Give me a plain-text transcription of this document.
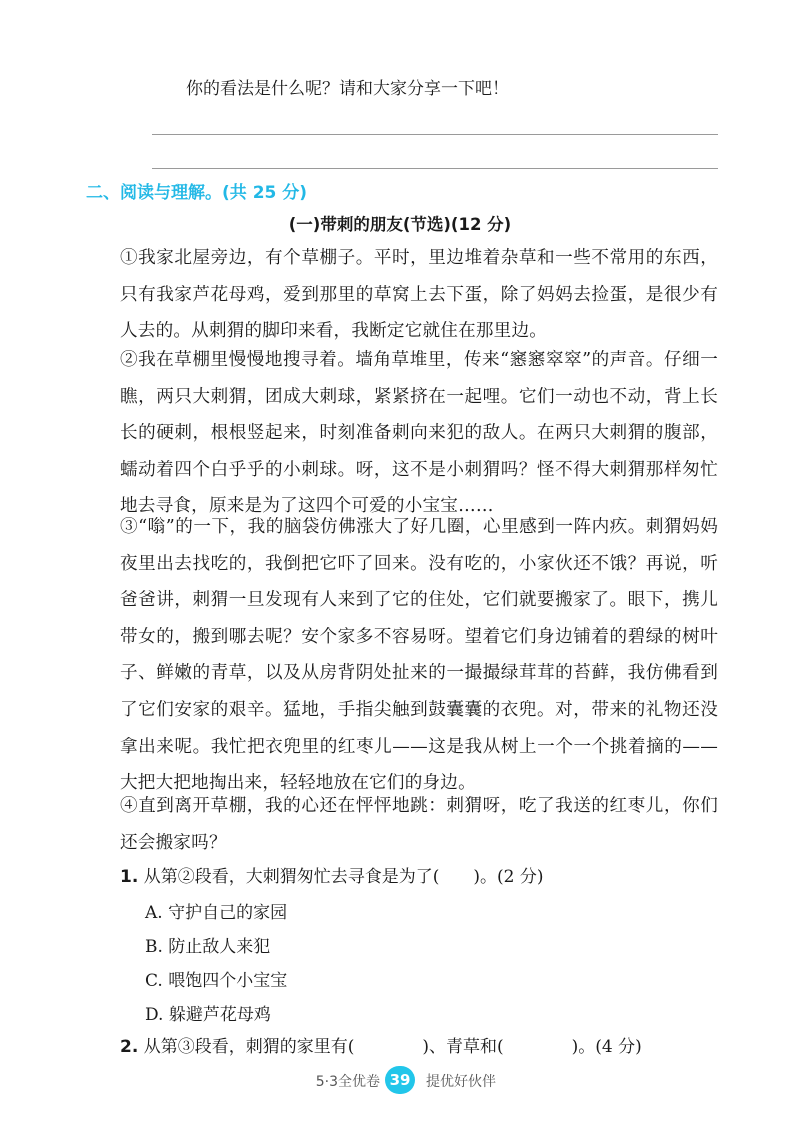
你的看法是什么呢？请和大家分享一下吧！
二、阅读与理解。(共 25 分)
(一)带刺的朋友(节选)(12 分)
①我家北屋旁边，有个草棚子。平时，里边堆着杂草和一些不常用的东西，只有我家芦花母鸡，爱到那里的草窝上去下蛋，除了妈妈去捡蛋，是很少有人去的。从刺猬的脚印来看，我断定它就住在那里边。
②我在草棚里慢慢地搜寻着。墙角草堆里，传来“窸窸窣窣”的声音。仔细一瞧，两只大刺猬，团成大刺球，紧紧挤在一起哩。它们一动也不动，背上长长的硬刺，根根竖起来，时刻准备刺向来犯的敌人。在两只大刺猬的腹部，蠕动着四个白乎乎的小刺球。呀，这不是小刺猬吗？怪不得大刺猬那样匆忙地去寻食，原来是为了这四个可爱的小宝宝……
③“嗡”的一下，我的脑袋仿佛涨大了好几圈，心里感到一阵内疚。刺猬妈妈夜里出去找吃的，我倒把它吓了回来。没有吃的，小家伙还不饿？再说，听爸爸讲，刺猬一旦发现有人来到了它的住处，它们就要搬家了。眼下，携儿带女的，搬到哪去呢？安个家多不容易呀。望着它们身边铺着的碧绿的树叶子、鲜嫩的青草，以及从房背阴处扯来的一撮撮绿茸茸的苔藓，我仿佛看到了它们安家的艰辛。猛地，手指尖触到鼓囊囊的衣兜。对，带来的礼物还没拿出来呢。我忙把衣兜里的红枣儿——这是我从树上一个一个挑着摘的——大把大把地掏出来，轻轻地放在它们的身边。
④直到离开草棚，我的心还在怦怦地跳：刺猬呀，吃了我送的红枣儿，你们还会搬家吗？
1. 从第②段看，大刺猬匆忙去寻食是为了(　　)。(2 分)
A. 守护自己的家园
B. 防止敌人来犯
C. 喂饱四个小宝宝
D. 躲避芦花母鸡
2. 从第③段看，刺猬的家里有(　　　　)、青草和(　　　　)。(4 分)
5·3全优卷 39	提优好伙伴
